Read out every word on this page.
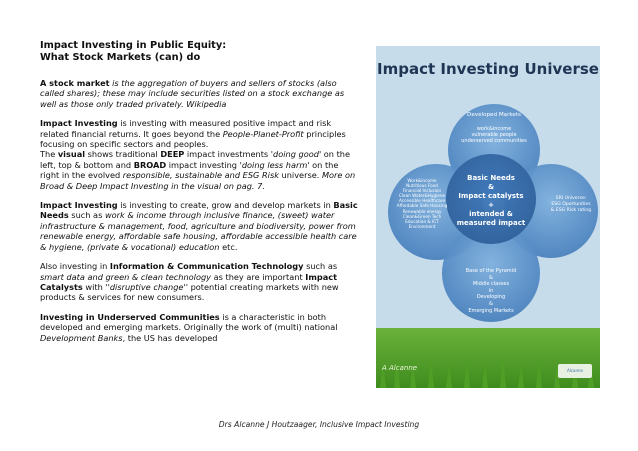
Impact Investing in Public Equity:
What Stock Markets (can) do

A stock market is the aggregation of buyers and sellers of stocks (also called shares); these may include securities listed on a stock exchange as well as those only traded privately. Wikipedia

Impact Investing is investing with measured positive impact and risk related financial returns. It goes beyond the People-Planet-Profit principles focusing on specific sectors and peoples.
The visual shows traditional DEEP impact investments 'doing good' on the left, top & bottom and BROAD impact investing 'doing less harm' on the right in the evolved responsible, sustainable and ESG Risk universe. More on Broad & Deep Impact Investing in the visual on pag. 7.

Impact Investing is investing to create, grow and develop markets in Basic Needs such as work & income through inclusive finance, (sweet) water infrastructure & management, food, agriculture and biodiversity, power from renewable energy, affordable safe housing, affordable accessible health care & hygiene, (private & vocational) education etc.

Also investing in Information & Communication Technology such as smart data and green & clean technology as they are important Impact Catalysts with ''disruptive change'' potential creating markets with new products & services for new consumers.

Investing in Underserved Communities is a characteristic in both developed and emerging markets. Originally the work of (multi) national Development Banks, the US has developed

Impact Investing Universe
Developed Markets
work&income
vulnerable people
underserved communities
Work&income
Nutritious Food
Financial Inclusion
Clean Water&Hygiene
Accessible Healthcare
Affordable Safe Housing
Renewable energy
Clean&Green Tech
Education & ICT
Environment
SRI Universe:
ESG Oportunities
& ESG Risk rating
Basic Needs
&
Impact catalysts
+
intended &
measured impact
Base of the Pyramid
&
Middle classes
in
Developing
&
Emerging Markets
A Alcanne	Alcanne
Drs Alcanne J Houtzaager, Inclusive Impact Investing
